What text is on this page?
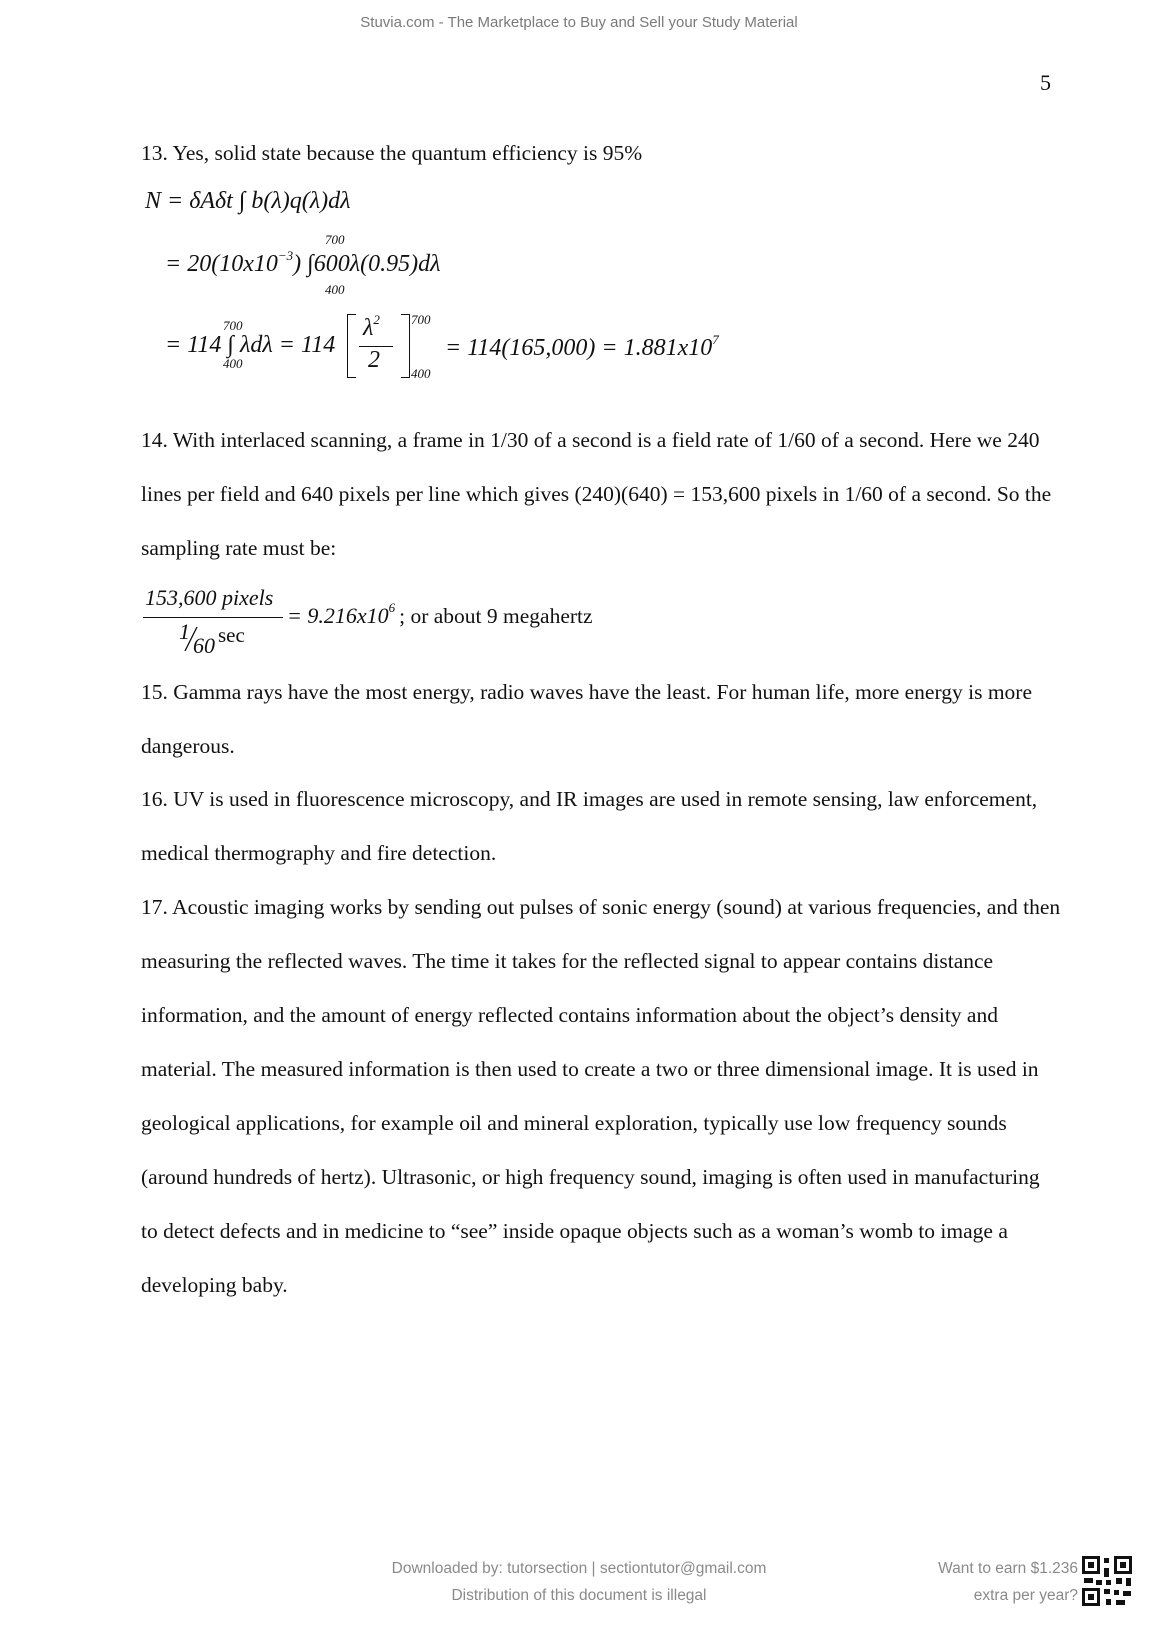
Stuvia.com - The Marketplace to Buy and Sell your Study Material
5
13. Yes, solid state because the quantum efficiency is 95%
N = δAδt ∫ b(λ)q(λ)dλ
700
= $20(10x10^{-3})$ ∫600λ(0.95)dλ
400
700
= 114 ∫ λdλ = 114
400
$\lambda^2$
2
700
400
= $114(165,000) = 1.881x10^7$
14. With interlaced scanning, a frame in 1/30 of a second is a field rate of 1/60 of a second. Here we 240 lines per field and 640 pixels per line which gives (240)(640) = 153,600 pixels in 1/60 of a second. So the sampling rate must be:
153,600 pixels
1
60 sec
= $9.216x10^6$ ; or about 9 megahertz
15. Gamma rays have the most energy, radio waves have the least. For human life, more energy is more dangerous.
16. UV is used in fluorescence microscopy, and IR images are used in remote sensing, law enforcement, medical thermography and fire detection.
17. Acoustic imaging works by sending out pulses of sonic energy (sound) at various frequencies, and then measuring the reflected waves. The time it takes for the reflected signal to appear contains distance information, and the amount of energy reflected contains information about the object’s density and material. The measured information is then used to create a two or three dimensional image. It is used in geological applications, for example oil and mineral exploration, typically use low frequency sounds (around hundreds of hertz). Ultrasonic, or high frequency sound, imaging is often used in manufacturing to detect defects and in medicine to “see” inside opaque objects such as a woman’s womb to image a developing baby.
Downloaded by: tutorsection | sectiontutor@gmail.com
Distribution of this document is illegal
Want to earn $1.236
extra per year?
